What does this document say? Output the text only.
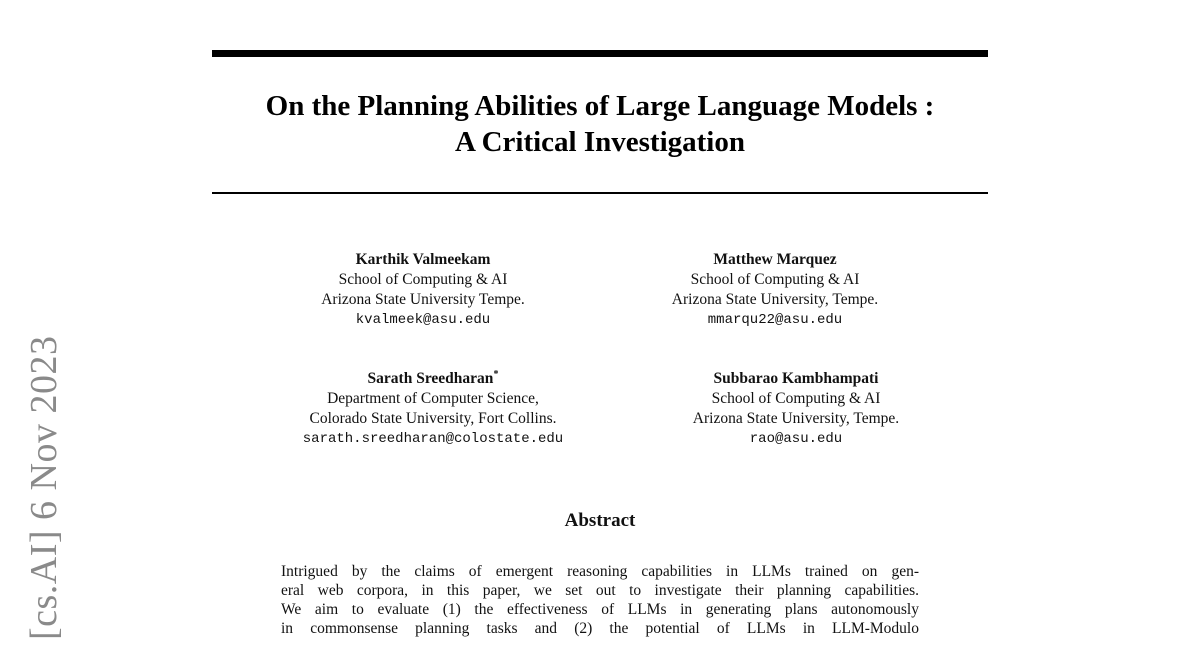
[cs.AI] 6 Nov 2023
On the Planning Abilities of Large Language Models :
A Critical Investigation
Karthik Valmeekam
School of Computing & AI
Arizona State University Tempe.
kvalmeek@asu.edu
Matthew Marquez
School of Computing & AI
Arizona State University, Tempe.
mmarqu22@asu.edu
Sarath Sreedharan*
Department of Computer Science,
Colorado State University, Fort Collins.
sarath.sreedharan@colostate.edu
Subbarao Kambhampati
School of Computing & AI
Arizona State University, Tempe.
rao@asu.edu
Abstract
Intrigued by the claims of emergent reasoning capabilities in LLMs trained on gen-
eral web corpora, in this paper, we set out to investigate their planning capabilities.
We aim to evaluate (1) the effectiveness of LLMs in generating plans autonomously
in commonsense planning tasks and (2) the potential of LLMs in LLM-Modulo
